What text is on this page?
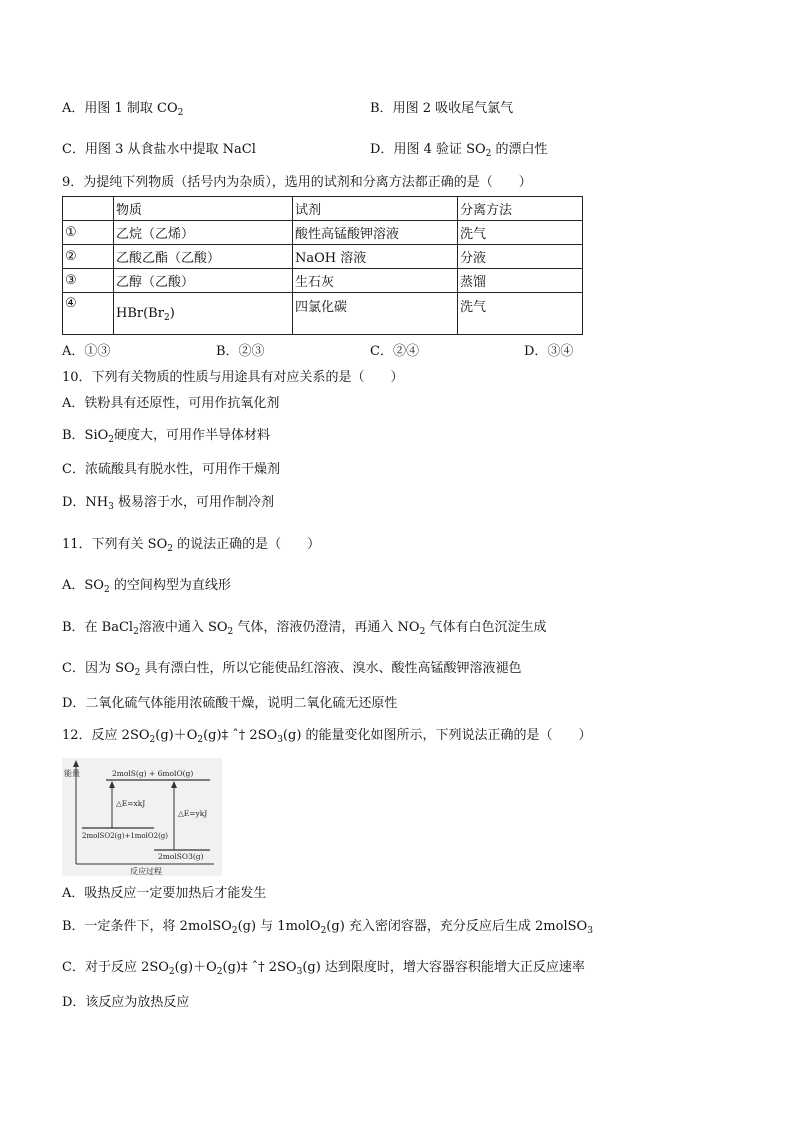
A．用图 1 制取 $CO_2$	B．用图 2 吸收尾气氯气
C．用图 3 从食盐水中提取 NaCl	D．用图 4 验证 $SO_2$ 的漂白性
9．为提纯下列物质（括号内为杂质），选用的试剂和分离方法都正确的是（　　）
	物质	试剂	分离方法
①	乙烷（乙烯）	酸性高锰酸钾溶液	洗气
②	乙酸乙酯（乙酸）	NaOH 溶液	分液
③	乙醇（乙酸）	生石灰	蒸馏
④	$HBr(Br_2)$	四氯化碳	洗气
A．①③	B．②③	C．②④	D．③④
10．下列有关物质的性质与用途具有对应关系的是（　　）
A．铁粉具有还原性，可用作抗氧化剂
B．SiO$_2$硬度大，可用作半导体材料
C．浓硫酸具有脱水性，可用作干燥剂
D．$NH_3$ 极易溶于水，可用作制冷剂
11．下列有关 $SO_2$ 的说法正确的是（　　）
A．$SO_2$ 的空间构型为直线形
B．在 BaCl$_2$溶液中通入 $SO_2$ 气体，溶液仍澄清，再通入 $NO_2$ 气体有白色沉淀生成
C．因为 $SO_2$ 具有漂白性，所以它能使品红溶液、溴水、酸性高锰酸钾溶液褪色
D．二氧化硫气体能用浓硫酸干燥，说明二氧化硫无还原性
12．反应 $2SO_2(g)+O_2(g)\ddagger$ ˆ† $2SO_3(g)$ 的能量变化如图所示，下列说法正确的是（　　）
能量	2molS(g) + 6molO(g)
△E=xkJ
△E=ykJ
2molSO2(g)+1molO2(g)
2molSO3(g)
反应过程
A．吸热反应一定要加热后才能发生
B．一定条件下，将 2molSO$_2$(g) 与 1molO$_2$(g) 充入密闭容器，充分反应后生成 2molSO$_3$
C．对于反应 $2SO_2(g)+O_2(g)\ddagger$ ˆ† $2SO_3(g)$ 达到限度时，增大容器容积能增大正反应速率
D．该反应为放热反应
